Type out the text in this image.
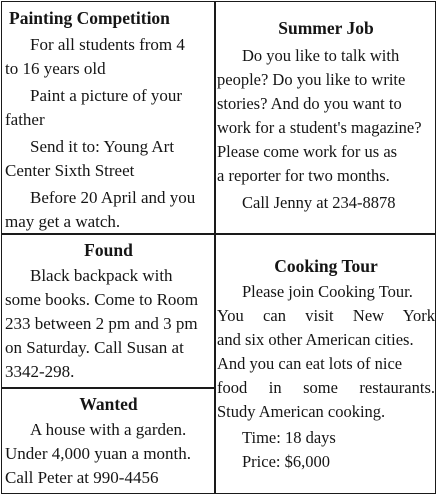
Painting Competition
For all students from 4
to 16 years old
Paint a picture of your
father
Send it to: Young Art
Center Sixth Street
Before 20 April and you
may get a watch.
Summer Job
Do you like to talk with
people? Do you like to write
stories? And do you want to
work for a student's magazine?
Please come work for us as
a reporter for two months.
Call Jenny at 234-8878
Found
Black backpack with
some books. Come to Room
233 between 2 pm and 3 pm
on Saturday. Call Susan at
3342-298.
Cooking Tour
Please join Cooking Tour.
You can visit New York
and six other American cities.
And you can eat lots of nice
food in some restaurants.
Study American cooking.
Time: 18 days
Price: $6,000
Wanted
A house with a garden.
Under 4,000 yuan a month.
Call Peter at 990-4456
